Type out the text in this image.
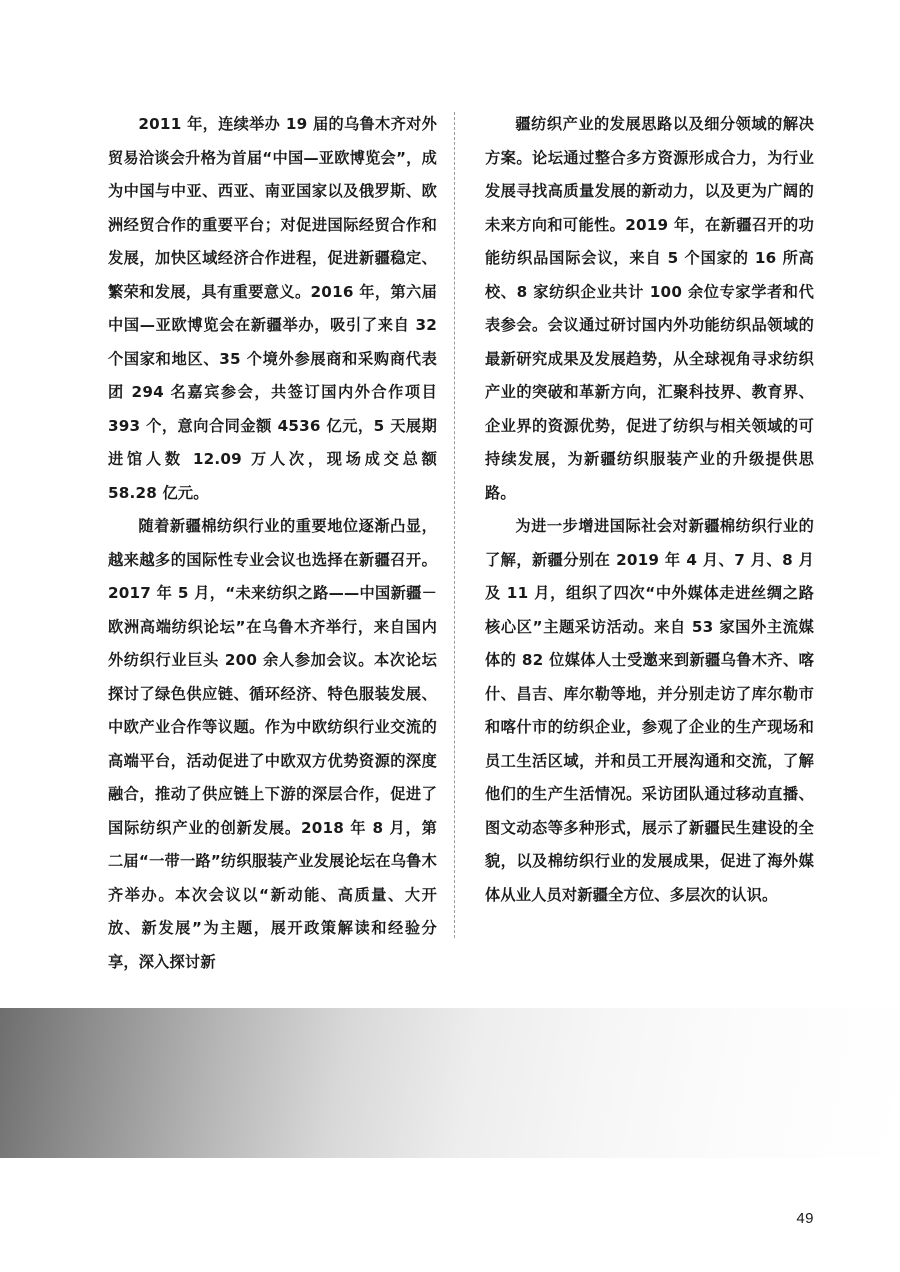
2011 年，连续举办 19 届的乌鲁木齐对外贸易洽谈会升格为首届“中国—亚欧博览会”，成为中国与中亚、西亚、南亚国家以及俄罗斯、欧洲经贸合作的重要平台；对促进国际经贸合作和发展，加快区域经济合作进程，促进新疆稳定、繁荣和发展，具有重要意义。2016 年，第六届中国—亚欧博览会在新疆举办，吸引了来自 32 个国家和地区、35 个境外参展商和采购商代表团 294 名嘉宾参会，共签订国内外合作项目 393 个，意向合同金额 4536 亿元，5 天展期进馆人数 12.09 万人次，现场成交总额 58.28 亿元。

随着新疆棉纺织行业的重要地位逐渐凸显，越来越多的国际性专业会议也选择在新疆召开。2017 年 5 月，“未来纺织之路——中国新疆－欧洲高端纺织论坛”在乌鲁木齐举行，来自国内外纺织行业巨头 200 余人参加会议。本次论坛探讨了绿色供应链、循环经济、特色服装发展、中欧产业合作等议题。作为中欧纺织行业交流的高端平台，活动促进了中欧双方优势资源的深度融合，推动了供应链上下游的深层合作，促进了国际纺织产业的创新发展。2018 年 8 月，第二届“一带一路”纺织服装产业发展论坛在乌鲁木齐举办。本次会议以“新动能、高质量、大开放、新发展”为主题，展开政策解读和经验分享，深入探讨新

疆纺织产业的发展思路以及细分领域的解决方案。论坛通过整合多方资源形成合力，为行业发展寻找高质量发展的新动力，以及更为广阔的未来方向和可能性。2019 年，在新疆召开的功能纺织品国际会议，来自 5 个国家的 16 所高校、8 家纺织企业共计 100 余位专家学者和代表参会。会议通过研讨国内外功能纺织品领域的最新研究成果及发展趋势，从全球视角寻求纺织产业的突破和革新方向，汇聚科技界、教育界、企业界的资源优势，促进了纺织与相关领域的可持续发展，为新疆纺织服装产业的升级提供思路。

为进一步增进国际社会对新疆棉纺织行业的了解，新疆分别在 2019 年 4 月、7 月、8 月及 11 月，组织了四次“中外媒体走进丝绸之路核心区”主题采访活动。来自 53 家国外主流媒体的 82 位媒体人士受邀来到新疆乌鲁木齐、喀什、昌吉、库尔勒等地，并分别走访了库尔勒市和喀什市的纺织企业，参观了企业的生产现场和员工生活区域，并和员工开展沟通和交流，了解他们的生产生活情况。采访团队通过移动直播、图文动态等多种形式，展示了新疆民生建设的全貌，以及棉纺织行业的发展成果，促进了海外媒体从业人员对新疆全方位、多层次的认识。

49
